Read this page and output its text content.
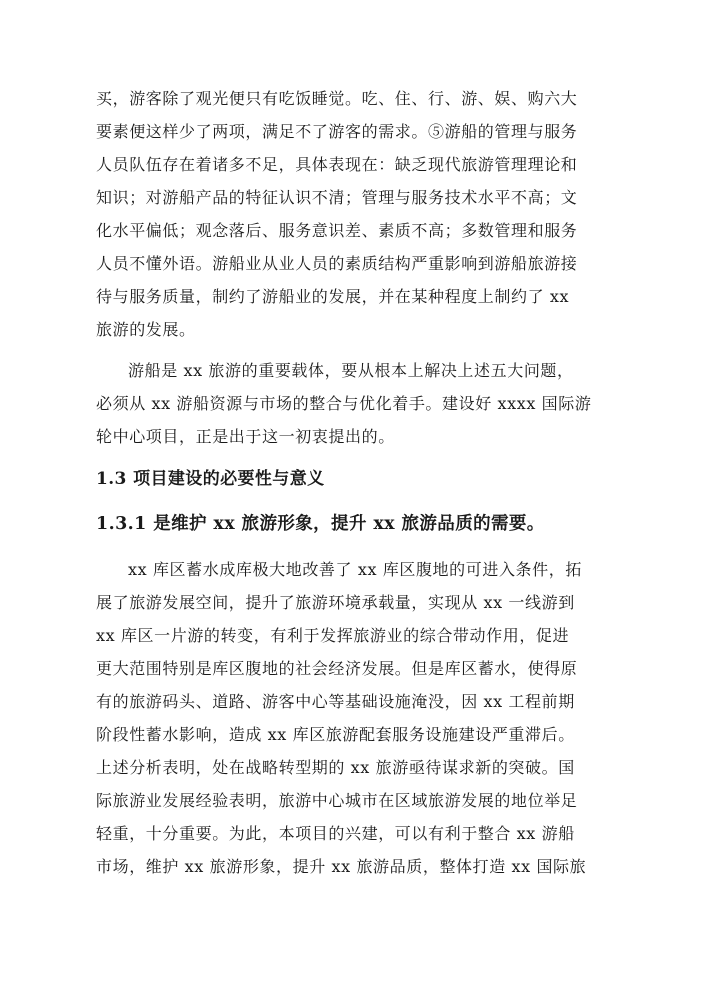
买，游客除了观光便只有吃饭睡觉。吃、住、行、游、娱、购六大
要素便这样少了两项，满足不了游客的需求。⑤游船的管理与服务
人员队伍存在着诸多不足，具体表现在：缺乏现代旅游管理理论和
知识；对游船产品的特征认识不清；管理与服务技术水平不高；文
化水平偏低；观念落后、服务意识差、素质不高；多数管理和服务
人员不懂外语。游船业从业人员的素质结构严重影响到游船旅游接
待与服务质量，制约了游船业的发展，并在某种程度上制约了 xx
旅游的发展。
游船是 xx 旅游的重要载体，要从根本上解决上述五大问题，
必须从 xx 游船资源与市场的整合与优化着手。建设好 xxxx 国际游
轮中心项目，正是出于这一初衷提出的。
1.3 项目建设的必要性与意义
1.3.1 是维护 xx 旅游形象，提升 xx 旅游品质的需要。
xx 库区蓄水成库极大地改善了 xx 库区腹地的可进入条件，拓
展了旅游发展空间，提升了旅游环境承载量，实现从 xx 一线游到
xx 库区一片游的转变，有利于发挥旅游业的综合带动作用，促进
更大范围特别是库区腹地的社会经济发展。但是库区蓄水，使得原
有的旅游码头、道路、游客中心等基础设施淹没，因 xx 工程前期
阶段性蓄水影响，造成 xx 库区旅游配套服务设施建设严重滞后。
上述分析表明，处在战略转型期的 xx 旅游亟待谋求新的突破。国
际旅游业发展经验表明，旅游中心城市在区域旅游发展的地位举足
轻重，十分重要。为此，本项目的兴建，可以有利于整合 xx 游船
市场，维护 xx 旅游形象，提升 xx 旅游品质，整体打造 xx 国际旅
